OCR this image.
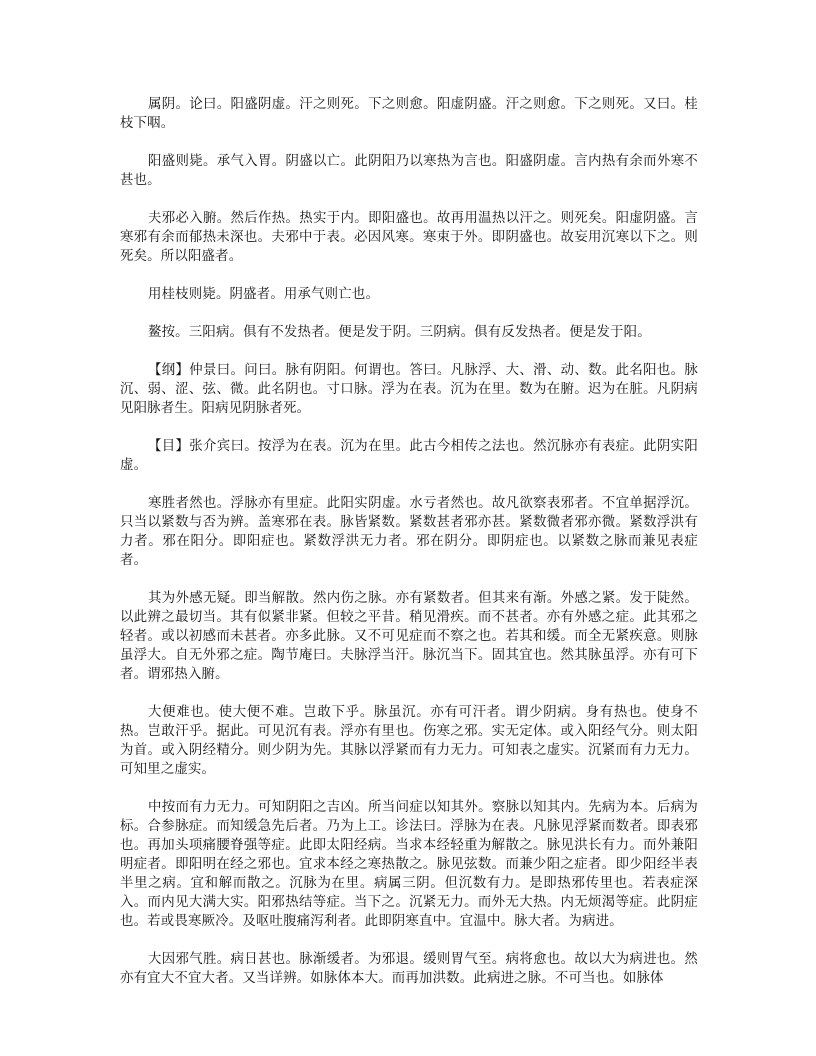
属阴。论曰。阳盛阴虚。汗之则死。下之则愈。阳虚阴盛。汗之则愈。下之则死。又曰。桂枝下咽。

阳盛则毙。承气入胃。阴盛以亡。此阴阳乃以寒热为言也。阳盛阴虚。言内热有余而外寒不甚也。

夫邪必入腑。然后作热。热实于内。即阳盛也。故再用温热以汗之。则死矣。阳虚阴盛。言寒邪有余而郁热未深也。夫邪中于表。必因风寒。寒束于外。即阴盛也。故妄用沉寒以下之。则死矣。所以阳盛者。

用桂枝则毙。阴盛者。用承气则亡也。

鳌按。三阳病。俱有不发热者。便是发于阴。三阴病。俱有反发热者。便是发于阳。

【纲】仲景曰。问曰。脉有阴阳。何谓也。答曰。凡脉浮、大、滑、动、数。此名阳也。脉沉、弱、涩、弦、微。此名阴也。寸口脉。浮为在表。沉为在里。数为在腑。迟为在脏。凡阴病见阳脉者生。阳病见阴脉者死。

【目】张介宾曰。按浮为在表。沉为在里。此古今相传之法也。然沉脉亦有表症。此阴实阳虚。

寒胜者然也。浮脉亦有里症。此阳实阴虚。水亏者然也。故凡欲察表邪者。不宜单据浮沉。只当以紧数与否为辨。盖寒邪在表。脉皆紧数。紧数甚者邪亦甚。紧数微者邪亦微。紧数浮洪有力者。邪在阳分。即阳症也。紧数浮洪无力者。邪在阴分。即阴症也。以紧数之脉而兼见表症者。

其为外感无疑。即当解散。然内伤之脉。亦有紧数者。但其来有渐。外感之紧。发于陡然。以此辨之最切当。其有似紧非紧。但较之平昔。稍见滑疾。而不甚者。亦有外感之症。此其邪之轻者。或以初感而未甚者。亦多此脉。又不可见症而不察之也。若其和缓。而全无紧疾意。则脉虽浮大。自无外邪之症。陶节庵曰。夫脉浮当汗。脉沉当下。固其宜也。然其脉虽浮。亦有可下者。谓邪热入腑。

大便难也。使大便不难。岂敢下乎。脉虽沉。亦有可汗者。谓少阴病。身有热也。使身不热。岂敢汗乎。据此。可见沉有表。浮亦有里也。伤寒之邪。实无定体。或入阳经气分。则太阳为首。或入阴经精分。则少阴为先。其脉以浮紧而有力无力。可知表之虚实。沉紧而有力无力。可知里之虚实。

中按而有力无力。可知阴阳之吉凶。所当问症以知其外。察脉以知其内。先病为本。后病为标。合参脉症。而知缓急先后者。乃为上工。诊法曰。浮脉为在表。凡脉见浮紧而数者。即表邪也。再加头项痛腰脊强等症。此即太阳经病。当求本经轻重为解散之。脉见洪长有力。而外兼阳明症者。即阳明在经之邪也。宜求本经之寒热散之。脉见弦数。而兼少阳之症者。即少阳经半表半里之病。宜和解而散之。沉脉为在里。病属三阴。但沉数有力。是即热邪传里也。若表症深入。而内见大满大实。阳邪热结等症。当下之。沉紧无力。而外无大热。内无烦渴等症。此阴症也。若或畏寒厥冷。及呕吐腹痛泻利者。此即阴寒直中。宜温中。脉大者。为病进。

大因邪气胜。病日甚也。脉渐缓者。为邪退。缓则胃气至。病将愈也。故以大为病进也。然亦有宜大不宜大者。又当详辨。如脉体本大。而再加洪数。此病进之脉。不可当也。如脉体
